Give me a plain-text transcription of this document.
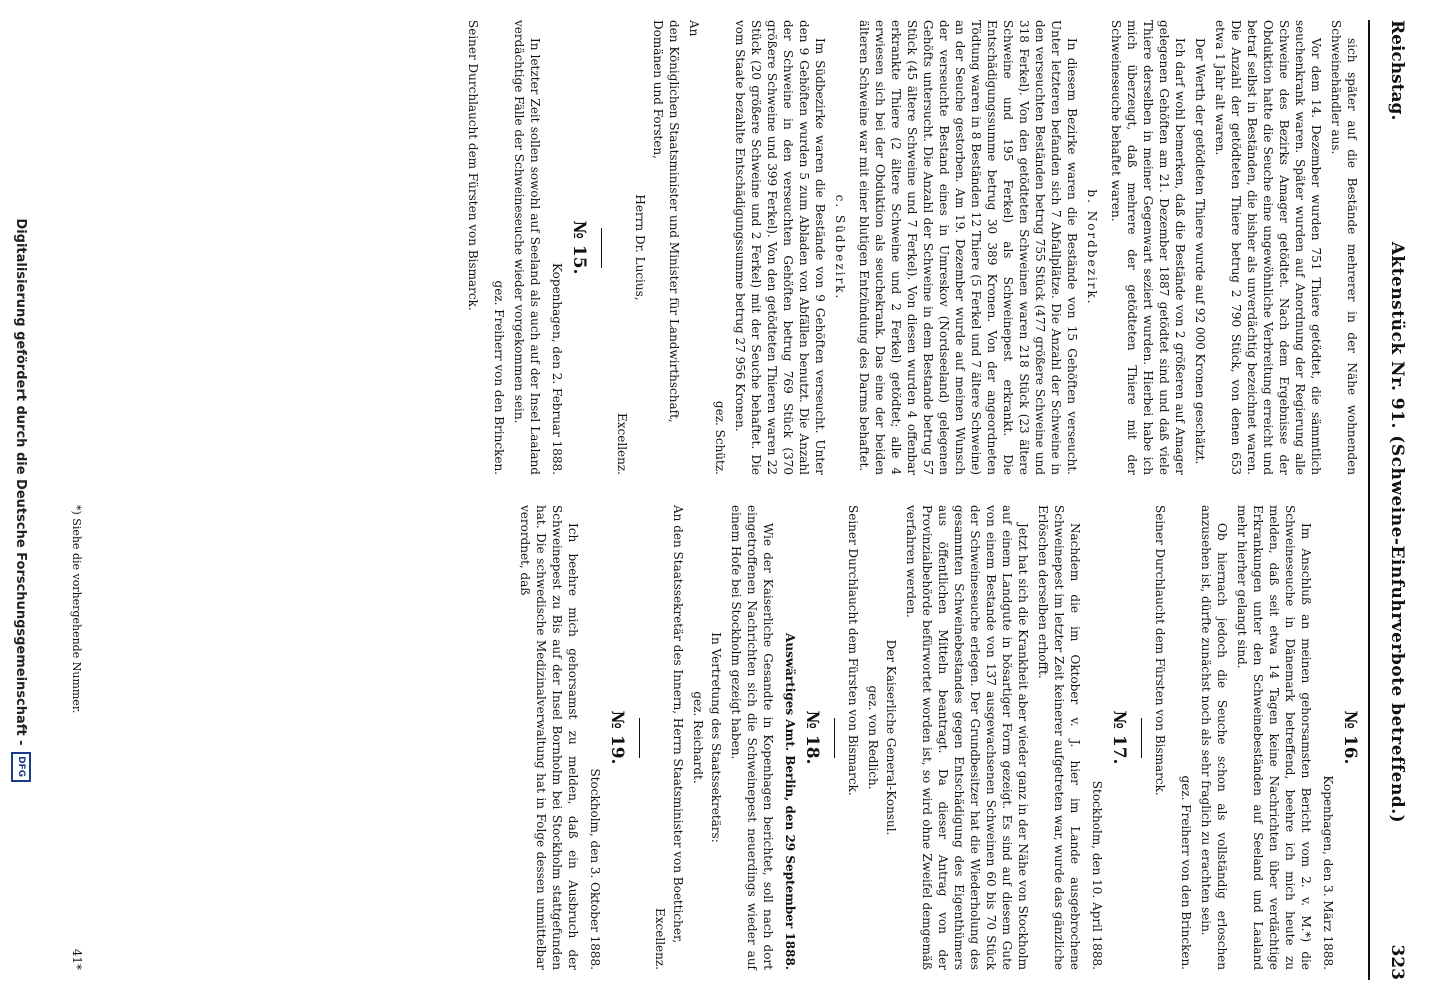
Reichstag.
Aktenstück Nr. 91. (Schweine-Einfuhrverbote betreffend.)
323

sich später auf die Bestände mehrerer in der Nähe wohnenden Schweinehändler aus.

Vor dem 14. Dezember wurden 751 Thiere getödtet, die sämmtlich seuchenkrank waren. Später wurden auf Anordnung der Regierung alle Schweine des Bezirks Amager getödtet. Nach dem Ergebnisse der Obduktion hatte die Seuche eine ungewöhnliche Verbreitung erreicht und betraf selbst in Beständen, die bisher als unverdächtig bezeichnet waren. Die Anzahl der getödteten Thiere betrug 2 790 Stück, von denen 653 etwa 1 Jahr alt waren.

Der Werth der getödteten Thiere wurde auf 92 000 Kronen geschätzt.

Ich darf wohl bemerken, daß die Bestände von 2 größeren auf Amager gelegenen Gehöften am 21. Dezember 1887 getödtet sind und daß viele Thiere derselben in meiner Gegenwart seziert wurden. Hierbei habe ich mich überzeugt, daß mehrere der getödteten Thiere mit der Schweineseuche behaftet waren.

b. Nordbezirk.

In diesem Bezirke waren die Bestände von 15 Gehöften verseucht. Unter letzteren befanden sich 7 Abfallplätze. Die Anzahl der Schweine in den verseuchten Beständen betrug 755 Stück (477 größere Schweine und 318 Ferkel). Von den getödteten Schweinen waren 218 Stück (23 ältere Schweine und 195 Ferkel) als Schweinepest erkrankt. Die Entschädigungssumme betrug 30 389 Kronen. Von der angeordneten Tödtung waren in 8 Beständen 12 Thiere (5 Ferkel und 7 ältere Schweine) an der Seuche gestorben. Am 19. Dezember wurde auf meinen Wunsch der verseuchte Bestand eines in Umreskov (Nordseeland) gelegenen Gehöfts untersucht. Die Anzahl der Schweine in dem Bestande betrug 57 Stück (45 ältere Schweine und 7 Ferkel). Von diesen wurden 4 offenbar erkrankte Thiere (2 ältere Schweine und 2 Ferkel) getödtet; alle 4 erwiesen sich bei der Obduktion als seuchekrank. Das eine der beiden älteren Schweine war mit einer blutigen Entzündung des Darms behaftet.

c. Südbezirk.

Im Südbezirke waren die Bestände von 9 Gehöften verseucht. Unter den 9 Gehöften wurden 5 zum Abladen von Abfällen benutzt. Die Anzahl der Schweine in den verseuchten Gehöften betrug 769 Stück (370 größere Schweine und 399 Ferkel). Von den getödteten Thieren waren 22 Stück (20 größere Schweine und 2 Ferkel) mit der Seuche behaftet. Die vom Staate bezahlte Entschädigungssumme betrug 27 956 Kronen.

gez. Schütz.
An
den Königlichen Staatsminister und Minister für Landwirthschaft, Domänen und Forsten,
Herrn Dr. Lucius,
Excellenz.
№ 15.
Kopenhagen, den 2. Februar 1888.

In letzter Zeit sollen sowohl auf Seeland als auch auf der Insel Laaland verdächtige Fälle der Schweineseuche wieder vorgekommen sein.

gez. Freiherr von den Brincken.
Seiner Durchlaucht dem Fürsten von Bismarck.
№ 16.
Kopenhagen, den 3. März 1888.

Im Anschluß an meinen gehorsamsten Bericht vom 2. v. M.*) die Schweineseuche in Dänemark betreffend, beehre ich mich heute zu melden, daß seit etwa 14 Tagen keine Nachrichten über verdächtige Erkrankungen unter den Schweinebeständen auf Seeland und Laaland mehr hierher gelangt sind.

Ob hiernach jedoch die Seuche schon als vollständig erloschen anzusehen ist, dürfte zunächst noch als sehr fraglich zu erachten sein.

gez. Freiherr von den Brincken.
Seiner Durchlaucht dem Fürsten von Bismarck.
№ 17.
Stockholm, den 10. April 1888.

Nachdem die im Oktober v. J. hier im Lande ausgebrochene Schweinepest im letzter Zeit keinerer aufgetreten war, wurde das gänzliche Erlöschen derselben erhofft.

Jetzt hat sich die Krankheit aber wieder ganz in der Nähe von Stockholm auf einem Landgute in bösartiger Form gezeigt. Es sind auf diesem Gute von einem Bestande von 137 ausgewachsenen Schweinen 60 bis 70 Stück der Schweineseuche erlegen. Der Grundbesitzer hat die Wiederholung des gesammten Schweinebestandes gegen Entschädigung des Eigenthümers aus öffentlichen Mitteln beantragt. Da dieser Antrag von der Provinzialbehörde befürwortet worden ist, so wird ohne Zweifel demgemäß verfahren werden.

Der Kaiserliche General-Konsul.
gez. von Redlich.
Seiner Durchlaucht dem Fürsten von Bismarck.
№ 18.
Auswärtiges Amt. Berlin, den 29 September 1888.

Wie der Kaiserliche Gesandte in Kopenhagen berichtet, soll nach dort eingetroffenen Nachrichten sich die Schweinepest neuerdings wieder auf einem Hofe bei Stockholm gezeigt haben.

In Vertretung des Staatssekretärs:
gez. Reichardt.
An den Staatssekretär des Innern, Herrn Staatsminister von Boetticher,
Excellenz.
№ 19.
Stockholm, den 3. Oktober 1888.

Ich beehre mich gehorsamst zu melden, daß ein Ausbruch der Schweinepest zu Bis auf der Insel Bornholm bei Stockholm stattgefunden hat. Die schwedische Medizinalverwaltung hat in Folge dessen unmittelbar verordnet, daß

*) Siehe die vorhergehende Nummer.
41*
Digitalisierung gefördert durch die Deutsche Forschungsgemeinschaft -
DFG
